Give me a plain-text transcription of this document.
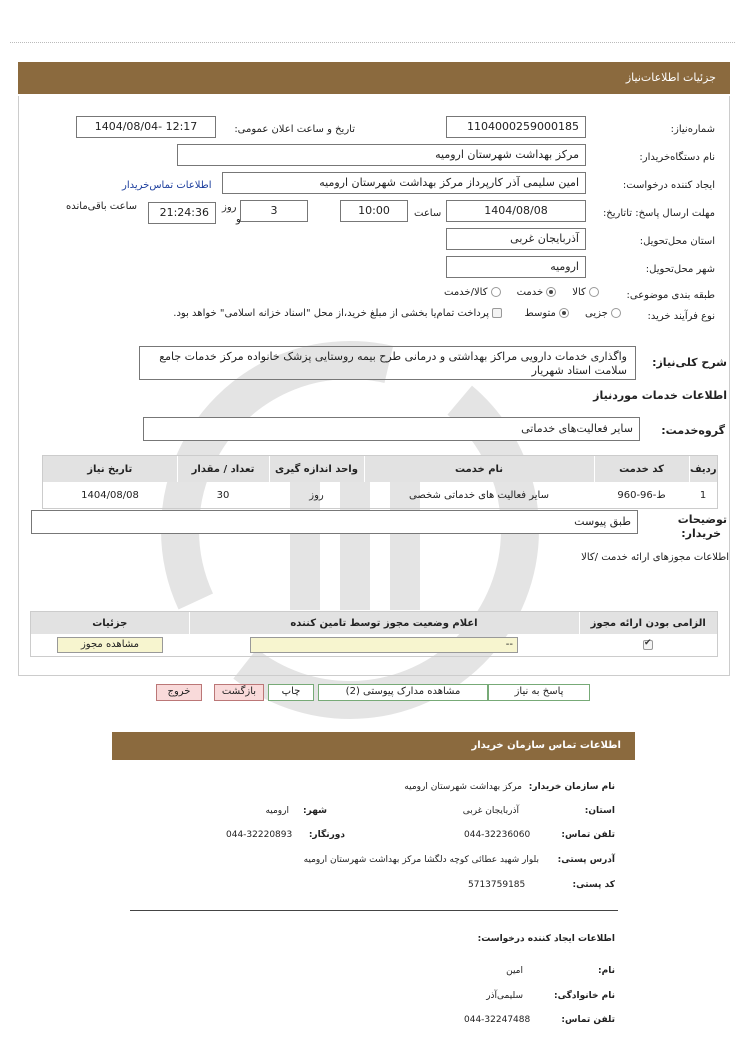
جزئیات اطلاعات‌نیاز
شماره‌نیاز:
1104000259000185
تاریخ و ساعت اعلان عمومی:
1404/08/04- 12:17
نام دستگاه‌خریدار:
مرکز بهداشت شهرستان ارومیه
ایجاد کننده درخواست:
امین سلیمی آذر کارپرداز مرکز بهداشت شهرستان ارومیه
اطلاعات تماس‌خریدار
مهلت ارسال پاسخ: تاتاریخ:
1404/08/08
ساعت
10:00
3
روز
و
21:24:36
ساعت باقی‌مانده
استان محل‌تحویل:
آذربایجان غربی
شهر محل‌تحویل:
ارومیه
طبقه بندی موضوعی:
کالا      خدمت      کالا/خدمت
نوع فرآیند خرید:
جزیی      متوسط        پرداخت تمام‌یا بخشی از مبلغ خرید،از محل "اسناد خزانه اسلامی" خواهد بود.
شرح کلی‌نیاز:
واگذاری خدمات دارویی مراکز بهداشتی و درمانی طرح بیمه روستایی پزشک خانواده مرکز خدمات جامع سلامت استاد شهریار
اطلاعات خدمات موردنیاز
گروه‌خدمت:
سایر فعالیت‌های خدماتی
ردیف	کد خدمت	نام خدمت	واحد اندازه گیری	تعداد / مقدار	تاریخ نیاز
1	ط-96-960	سایر فعالیت های خدماتی شخصی	روز	30	1404/08/08
توضیحات
خریدار:
طبق پیوست
اطلاعات مجوزهای ارائه خدمت /کالا
الزامی بودن ارائه مجوز	اعلام وضعیت مجوز توسط تامین کننده	جزئیات
✔	--	مشاهده مجوز
پاسخ به نیاز
مشاهده مدارک پیوستی (2)
چاپ
بازگشت
خروج
اطلاعات تماس سازمان خریدار
نام سازمان خریدار:
مرکز بهداشت شهرستان ارومیه
استان:
آذربایجان غربی
شهر:
ارومیه
تلفن تماس:
044-32236060
دورنگار:
044-32220893
آدرس پستی:
بلوار شهید عطائی کوچه دلگشا مرکز بهداشت شهرستان ارومیه
کد پستی:
5713759185
اطلاعات ایجاد کننده درخواست:
نام:
امین
نام خانوادگی:
سلیمی‌آذر
تلفن تماس:
044-32247488
